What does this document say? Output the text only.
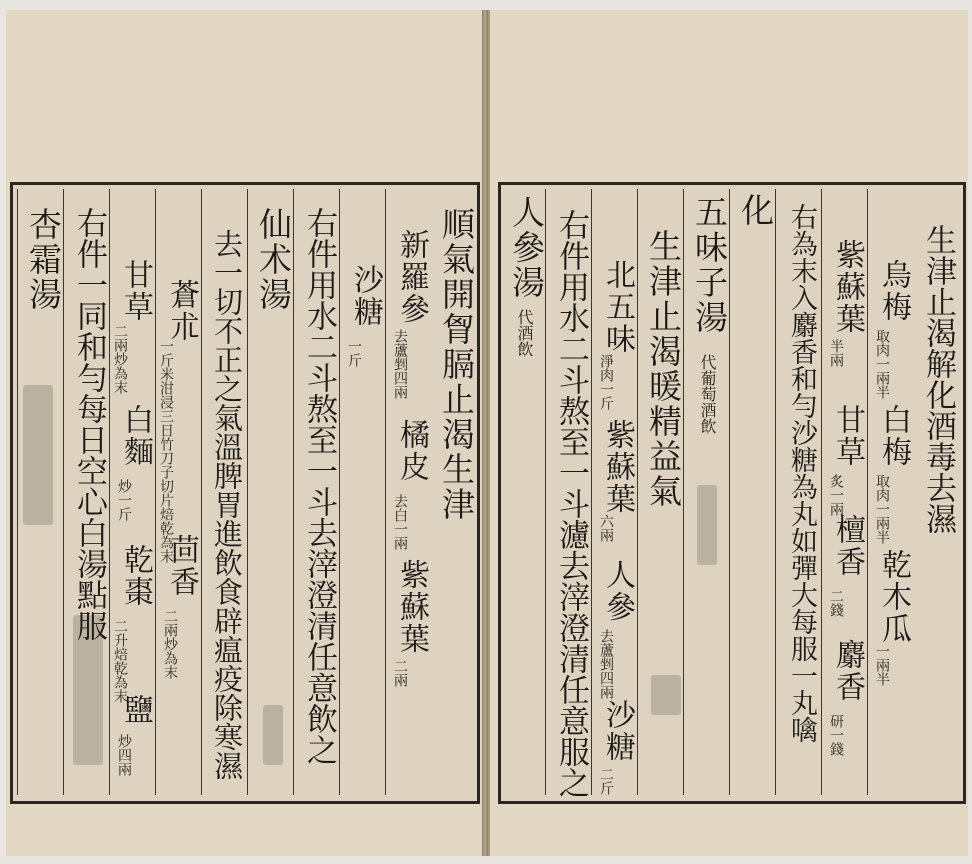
順氣開胷膈止渴生津
新羅參
去蘆剉四兩
橘皮
去白一兩
紫蘇葉
二兩
沙糖
一斤
右件用水二斗熬至一斗去滓澄清任意飲之
仙术湯
去一切不正之氣溫脾胃進飲食辟瘟疫除寒濕
蒼朮
一斤米泔浸三日竹刀子切片焙乾為末
茴香
二兩炒為末
甘草
二兩炒為末
白麵
炒一斤
乾棗
二升焙乾為末
鹽
炒四兩
右件一同和勻每日空心白湯點服
杏霜湯	生津止渴解化酒毒去濕
烏梅
取肉一兩半
白梅
取肉一兩半
乾木瓜
一兩半
紫蘇葉
半兩
甘草
炙一兩
檀香
二錢
麝香
研一錢
右為末入麝香和勻沙糖為丸如彈大每服一丸噙
化
五味子湯
代葡萄酒飲
生津止渴暖精益氣
北五味
淨肉一斤
紫蘇葉
六兩
人參
去蘆剉四兩
沙糖
二斤
右件用水二斗熬至一斗濾去滓澄清任意服之
人參湯
代酒飲
